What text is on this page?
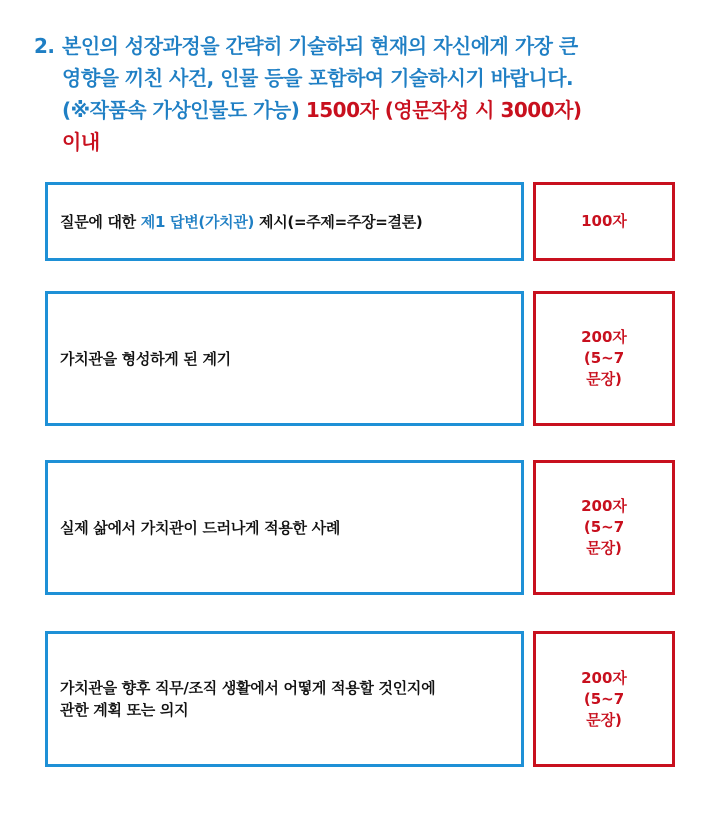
2. 본인의 성장과정을 간략히 기술하되 현재의 자신에게 가장 큰
영향을 끼친 사건, 인물 등을 포함하여 기술하시기 바랍니다.
(※작품속 가상인물도 가능) 1500자 (영문작성 시 3000자)
이내
질문에 대한 제1 답변(가치관) 제시(=주제=주장=결론)	100자
가치관을 형성하게 된 계기
200자
(5~7
문장)
실제 삶에서 가치관이 드러나게 적용한 사례
200자
(5~7
문장)
가치관을 향후 직무/조직 생활에서 어떻게 적용할 것인지에
관한 계획 또는 의지
200자
(5~7
문장)
